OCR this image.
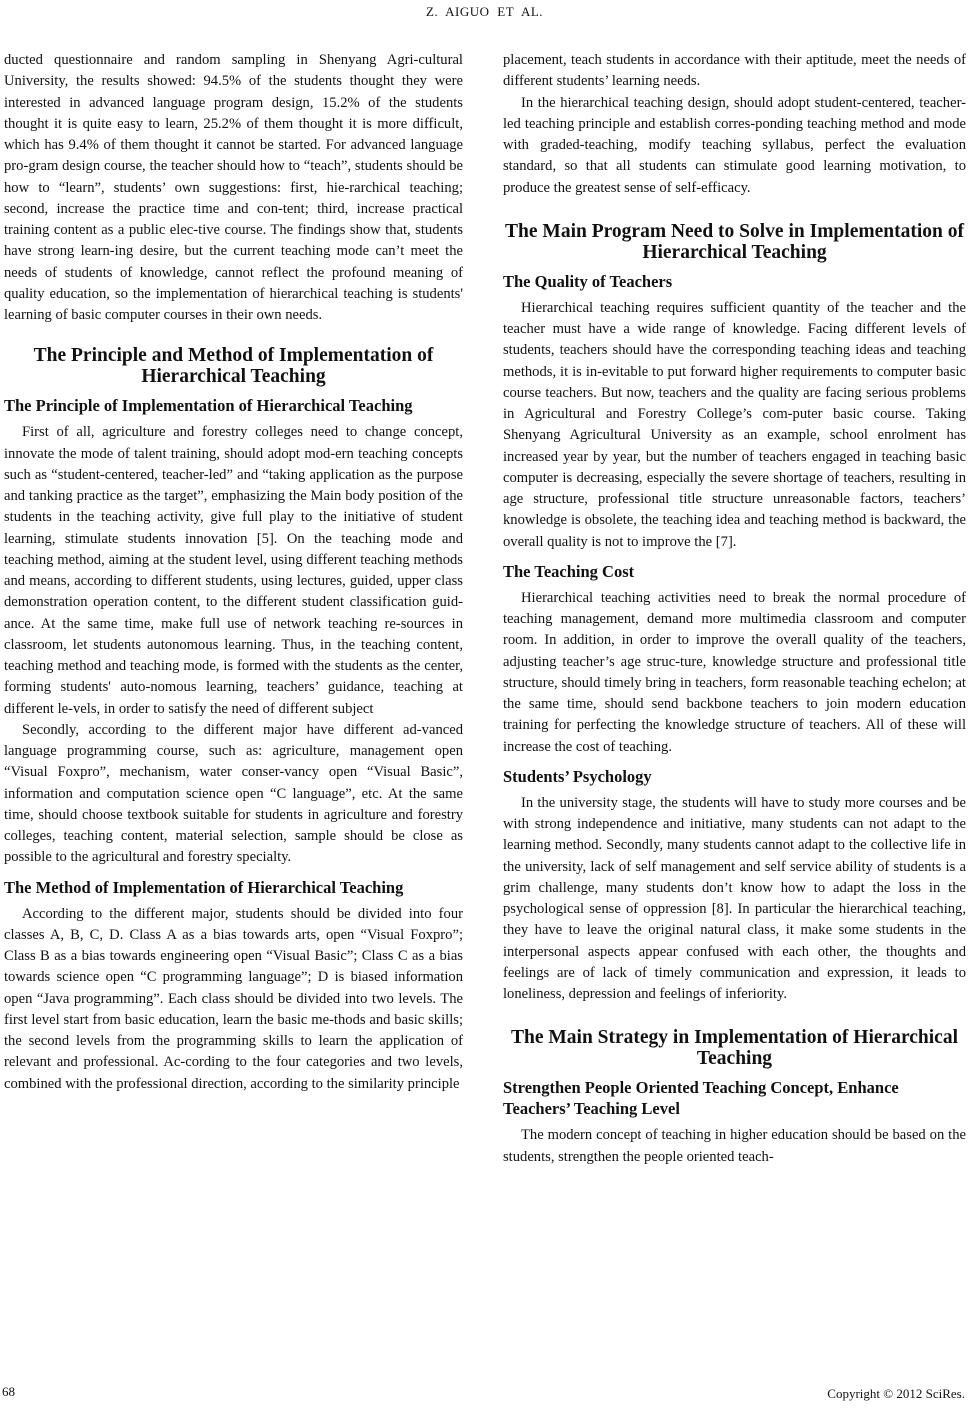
Z. AIGUO ET AL.

ducted questionnaire and random sampling in Shenyang Agri-cultural University, the results showed: 94.5% of the students thought they were interested in advanced language program design, 15.2% of the students thought it is quite easy to learn, 25.2% of them thought it is more difficult, which has 9.4% of them thought it cannot be started. For advanced language pro-gram design course, the teacher should how to “teach”, students should be how to “learn”, students’ own suggestions: first, hie-rarchical teaching; second, increase the practice time and con-tent; third, increase practical training content as a public elec-tive course. The findings show that, students have strong learn-ing desire, but the current teaching mode can’t meet the needs of students of knowledge, cannot reflect the profound meaning of quality education, so the implementation of hierarchical teaching is students' learning of basic computer courses in their own needs.

The Principle and Method of Implementation of Hierarchical Teaching
The Principle of Implementation of Hierarchical Teaching

First of all, agriculture and forestry colleges need to change concept, innovate the mode of talent training, should adopt mod-ern teaching concepts such as “student-centered, teacher-led” and “taking application as the purpose and tanking practice as the target”, emphasizing the Main body position of the students in the teaching activity, give full play to the initiative of student learning, stimulate students innovation [5]. On the teaching mode and teaching method, aiming at the student level, using different teaching methods and means, according to different students, using lectures, guided, upper class demonstration operation content, to the different student classification guid-ance. At the same time, make full use of network teaching re-sources in classroom, let students autonomous learning. Thus, in the teaching content, teaching method and teaching mode, is formed with the students as the center, forming students' auto-nomous learning, teachers’ guidance, teaching at different le-vels, in order to satisfy the need of different subject

Secondly, according to the different major have different ad-vanced language programming course, such as: agriculture, management open “Visual Foxpro”, mechanism, water conser-vancy open “Visual Basic”, information and computation science open “C language”, etc. At the same time, should choose textbook suitable for students in agriculture and forestry colleges, teaching content, material selection, sample should be close as possible to the agricultural and forestry specialty.

The Method of Implementation of Hierarchical Teaching

According to the different major, students should be divided into four classes A, B, C, D. Class A as a bias towards arts, open “Visual Foxpro”; Class B as a bias towards engineering open “Visual Basic”; Class C as a bias towards science open “C programming language”; D is biased information open “Java programming”. Each class should be divided into two levels. The first level start from basic education, learn the basic me-thods and basic skills; the second levels from the programming skills to learn the application of relevant and professional. Ac-cording to the four categories and two levels, combined with the professional direction, according to the similarity principle

placement, teach students in accordance with their aptitude, meet the needs of different students’ learning needs.

In the hierarchical teaching design, should adopt student-centered, teacher-led teaching principle and establish corres-ponding teaching method and mode with graded-teaching, modify teaching syllabus, perfect the evaluation standard, so that all students can stimulate good learning motivation, to produce the greatest sense of self-efficacy.

The Main Program Need to Solve in Implementation of Hierarchical Teaching
The Quality of Teachers

Hierarchical teaching requires sufficient quantity of the teacher and the teacher must have a wide range of knowledge. Facing different levels of students, teachers should have the corresponding teaching ideas and teaching methods, it is in-evitable to put forward higher requirements to computer basic course teachers. But now, teachers and the quality are facing serious problems in Agricultural and Forestry College’s com-puter basic course. Taking Shenyang Agricultural University as an example, school enrolment has increased year by year, but the number of teachers engaged in teaching basic computer is decreasing, especially the severe shortage of teachers, resulting in age structure, professional title structure unreasonable factors, teachers’ knowledge is obsolete, the teaching idea and teaching method is backward, the overall quality is not to improve the [7].

The Teaching Cost

Hierarchical teaching activities need to break the normal procedure of teaching management, demand more multimedia classroom and computer room. In addition, in order to improve the overall quality of the teachers, adjusting teacher’s age struc-ture, knowledge structure and professional title structure, should timely bring in teachers, form reasonable teaching echelon; at the same time, should send backbone teachers to join modern education training for perfecting the knowledge structure of teachers. All of these will increase the cost of teaching.

Students’ Psychology

In the university stage, the students will have to study more courses and be with strong independence and initiative, many students can not adapt to the learning method. Secondly, many students cannot adapt to the collective life in the university, lack of self management and self service ability of students is a grim challenge, many students don’t know how to adapt the loss in the psychological sense of oppression [8]. In particular the hierarchical teaching, they have to leave the original natural class, it make some students in the interpersonal aspects appear confused with each other, the thoughts and feelings are of lack of timely communication and expression, it leads to loneliness, depression and feelings of inferiority.

The Main Strategy in Implementation of Hierarchical Teaching
Strengthen People Oriented Teaching Concept, Enhance Teachers’ Teaching Level

The modern concept of teaching in higher education should be based on the students, strengthen the people oriented teach-

68	Copyright © 2012 SciRes.
